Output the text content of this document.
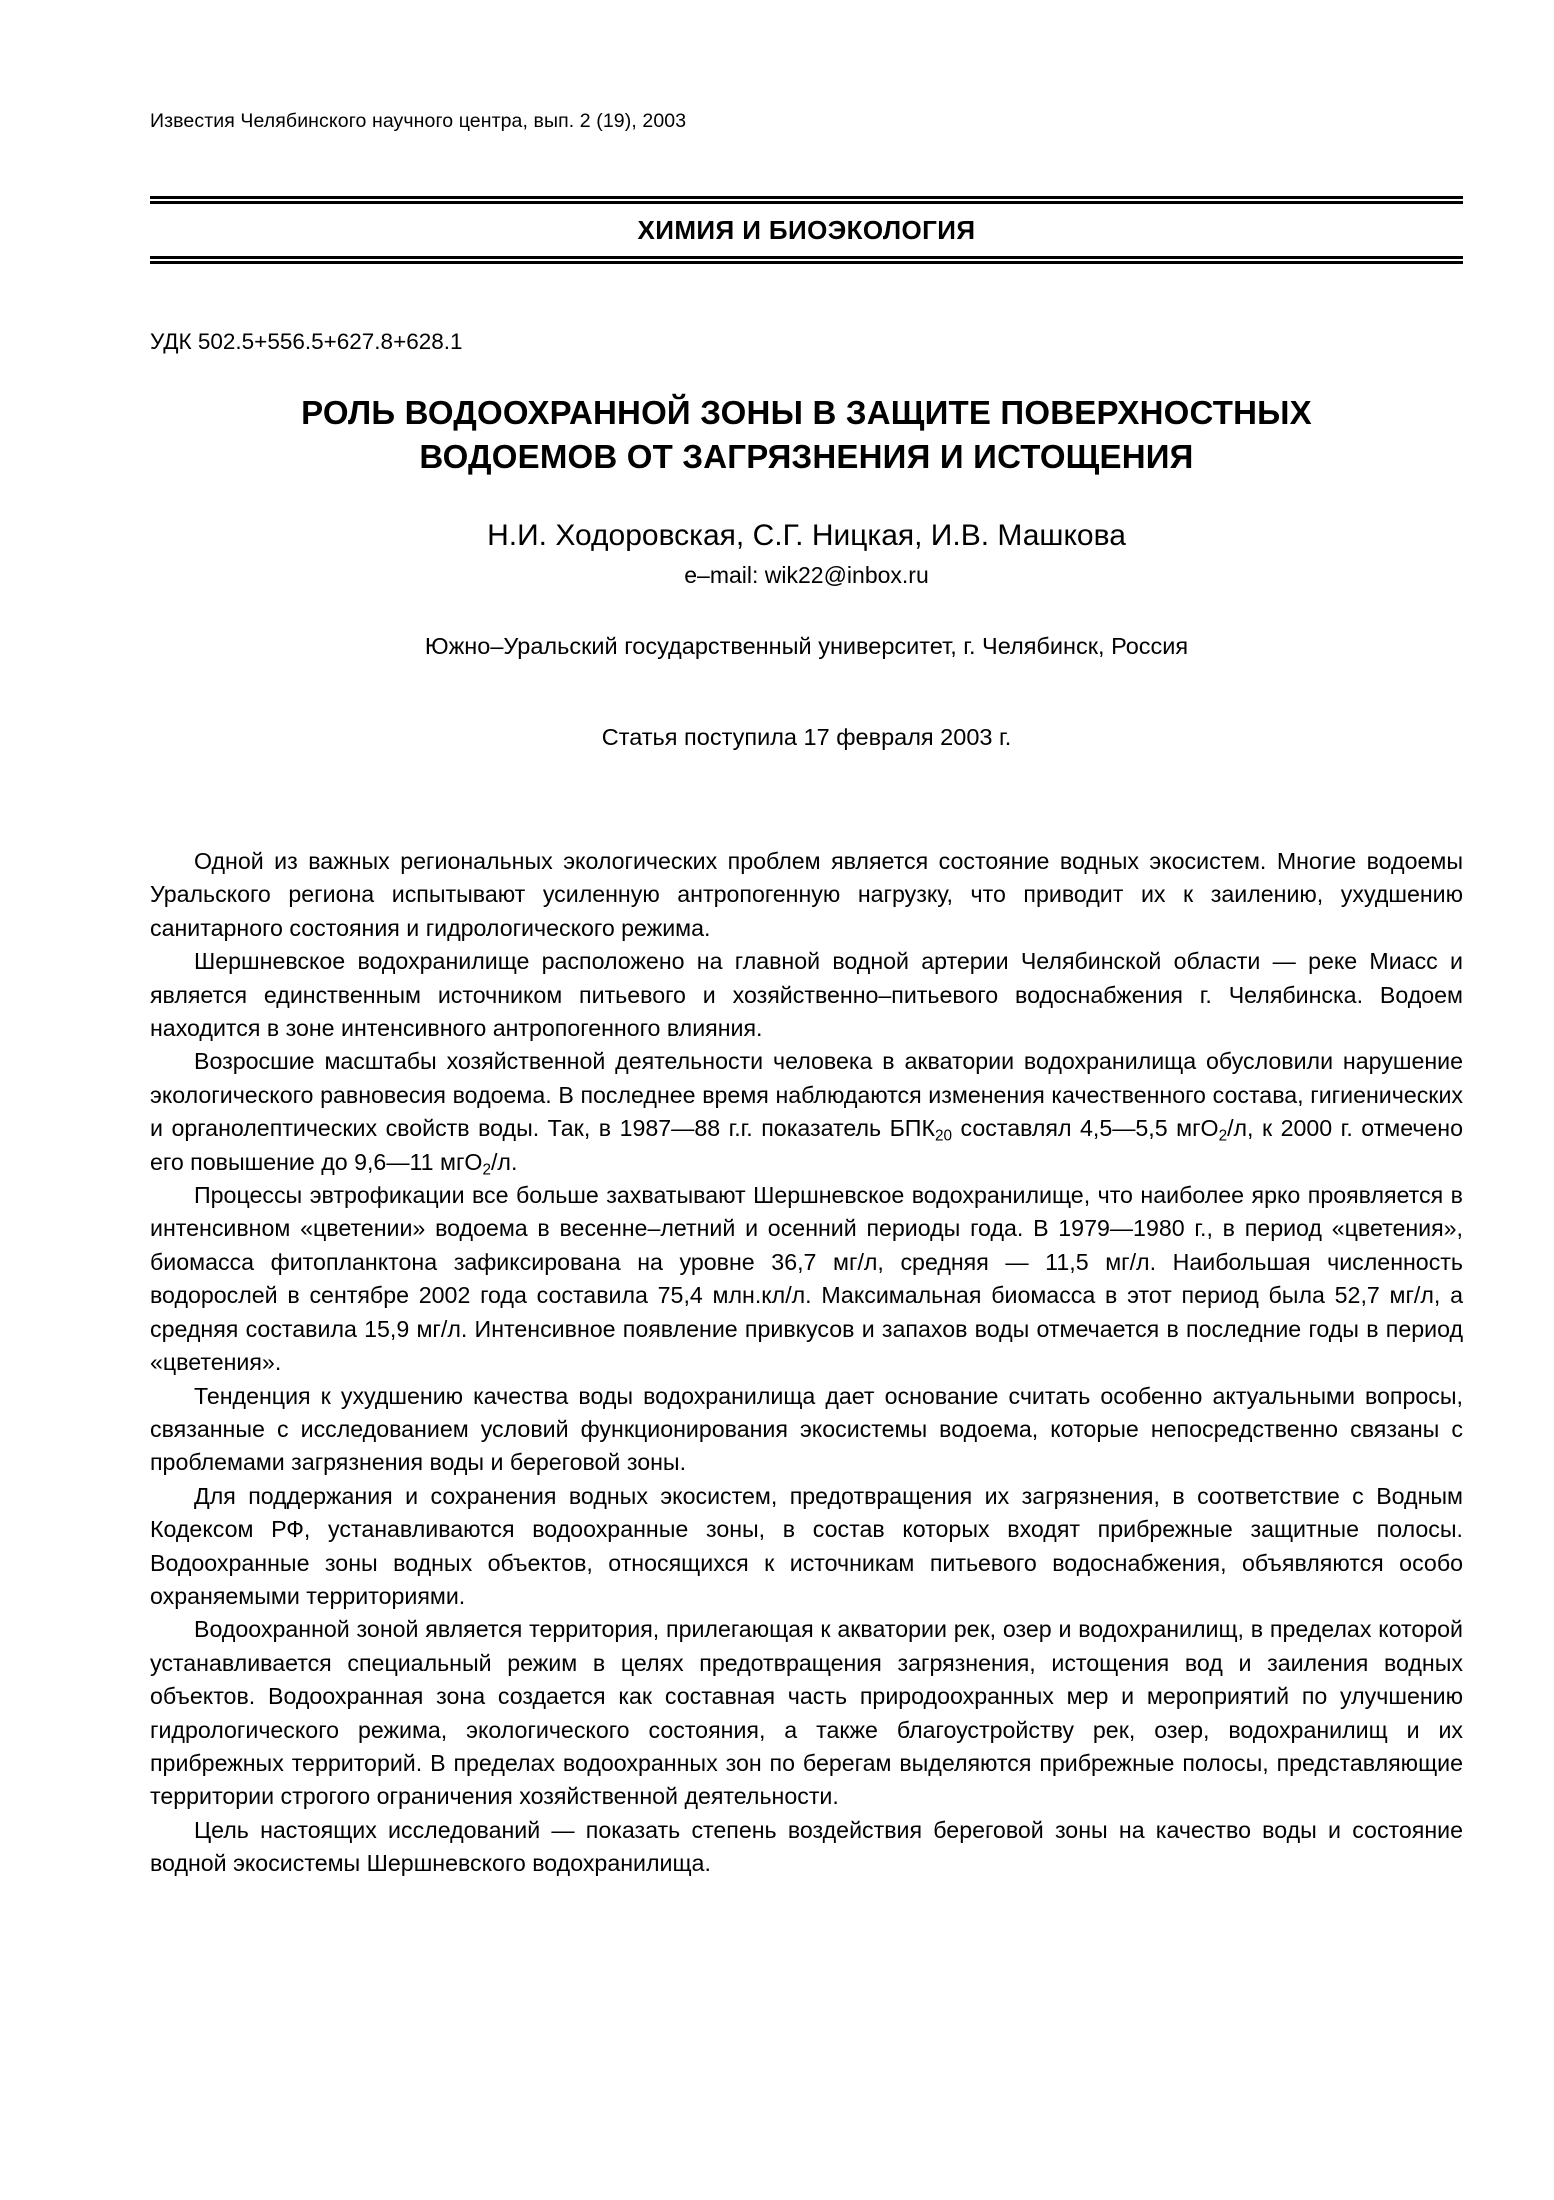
Известия Челябинского научного центра, вып. 2 (19), 2003
ХИМИЯ И БИОЭКОЛОГИЯ
УДК 502.5+556.5+627.8+628.1
РОЛЬ ВОДООХРАННОЙ ЗОНЫ В ЗАЩИТЕ ПОВЕРХНОСТНЫХ
ВОДОЕМОВ ОТ ЗАГРЯЗНЕНИЯ И ИСТОЩЕНИЯ
Н.И. Ходоровская, С.Г. Ницкая, И.В. Машкова
e–mail: wik22@inbox.ru
Южно–Уральский государственный университет, г. Челябинск, Россия
Статья поступила 17 февраля 2003 г.

Одной из важных региональных экологических проблем является состояние водных экосистем. Многие водоемы Уральского региона испытывают усиленную антропогенную нагрузку, что приводит их к заилению, ухудшению санитарного состояния и гидрологического режима.

Шершневское водохранилище расположено на главной водной артерии Челябинской области — реке Миасс и является единственным источником питьевого и хозяйственно–питьевого водоснабжения г. Челябинска. Водоем находится в зоне интенсивного антропогенного влияния.

Возросшие масштабы хозяйственной деятельности человека в акватории водохранилища обусловили нарушение экологического равновесия водоема. В последнее время наблюдаются изменения качественного состава, гигиенических и органолептических свойств воды. Так, в 1987—88 г.г. показатель $БПК_{20}$ составлял 4,5—5,5 мгО$_2$/л, к 2000 г. отмечено его повышение до 9,6—11 мгО$_2$/л.

Процессы эвтрофикации все больше захватывают Шершневское водохранилище, что наиболее ярко проявляется в интенсивном «цветении» водоема в весенне–летний и осенний периоды года. В 1979—1980 г., в период «цветения», биомасса фитопланктона зафиксирована на уровне 36,7 мг/л, средняя — 11,5 мг/л. Наибольшая численность водорослей в сентябре 2002 года составила 75,4 млн.кл/л. Максимальная биомасса в этот период была 52,7 мг/л, а средняя составила 15,9 мг/л. Интенсивное появление привкусов и запахов воды отмечается в последние годы в период «цветения».

Тенденция к ухудшению качества воды водохранилища дает основание считать особенно актуальными вопросы, связанные с исследованием условий функционирования экосистемы водоема, которые непосредственно связаны с проблемами загрязнения воды и береговой зоны.

Для поддержания и сохранения водных экосистем, предотвращения их загрязнения, в соответствие с Водным Кодексом РФ, устанавливаются водоохранные зоны, в состав которых входят прибрежные защитные полосы. Водоохранные зоны водных объектов, относящихся к источникам питьевого водоснабжения, объявляются особо охраняемыми территориями.

Водоохранной зоной является территория, прилегающая к акватории рек, озер и водохранилищ, в пределах которой устанавливается специальный режим в целях предотвращения загрязнения, истощения вод и заиления водных объектов. Водоохранная зона создается как составная часть природоохранных мер и мероприятий по улучшению гидрологического режима, экологического состояния, а также благоустройству рек, озер, водохранилищ и их прибрежных территорий. В пределах водоохранных зон по берегам выделяются прибрежные полосы, представляющие территории строгого ограничения хозяйственной деятельности.

Цель настоящих исследований — показать степень воздействия береговой зоны на качество воды и состояние водной экосистемы Шершневского водохранилища.
